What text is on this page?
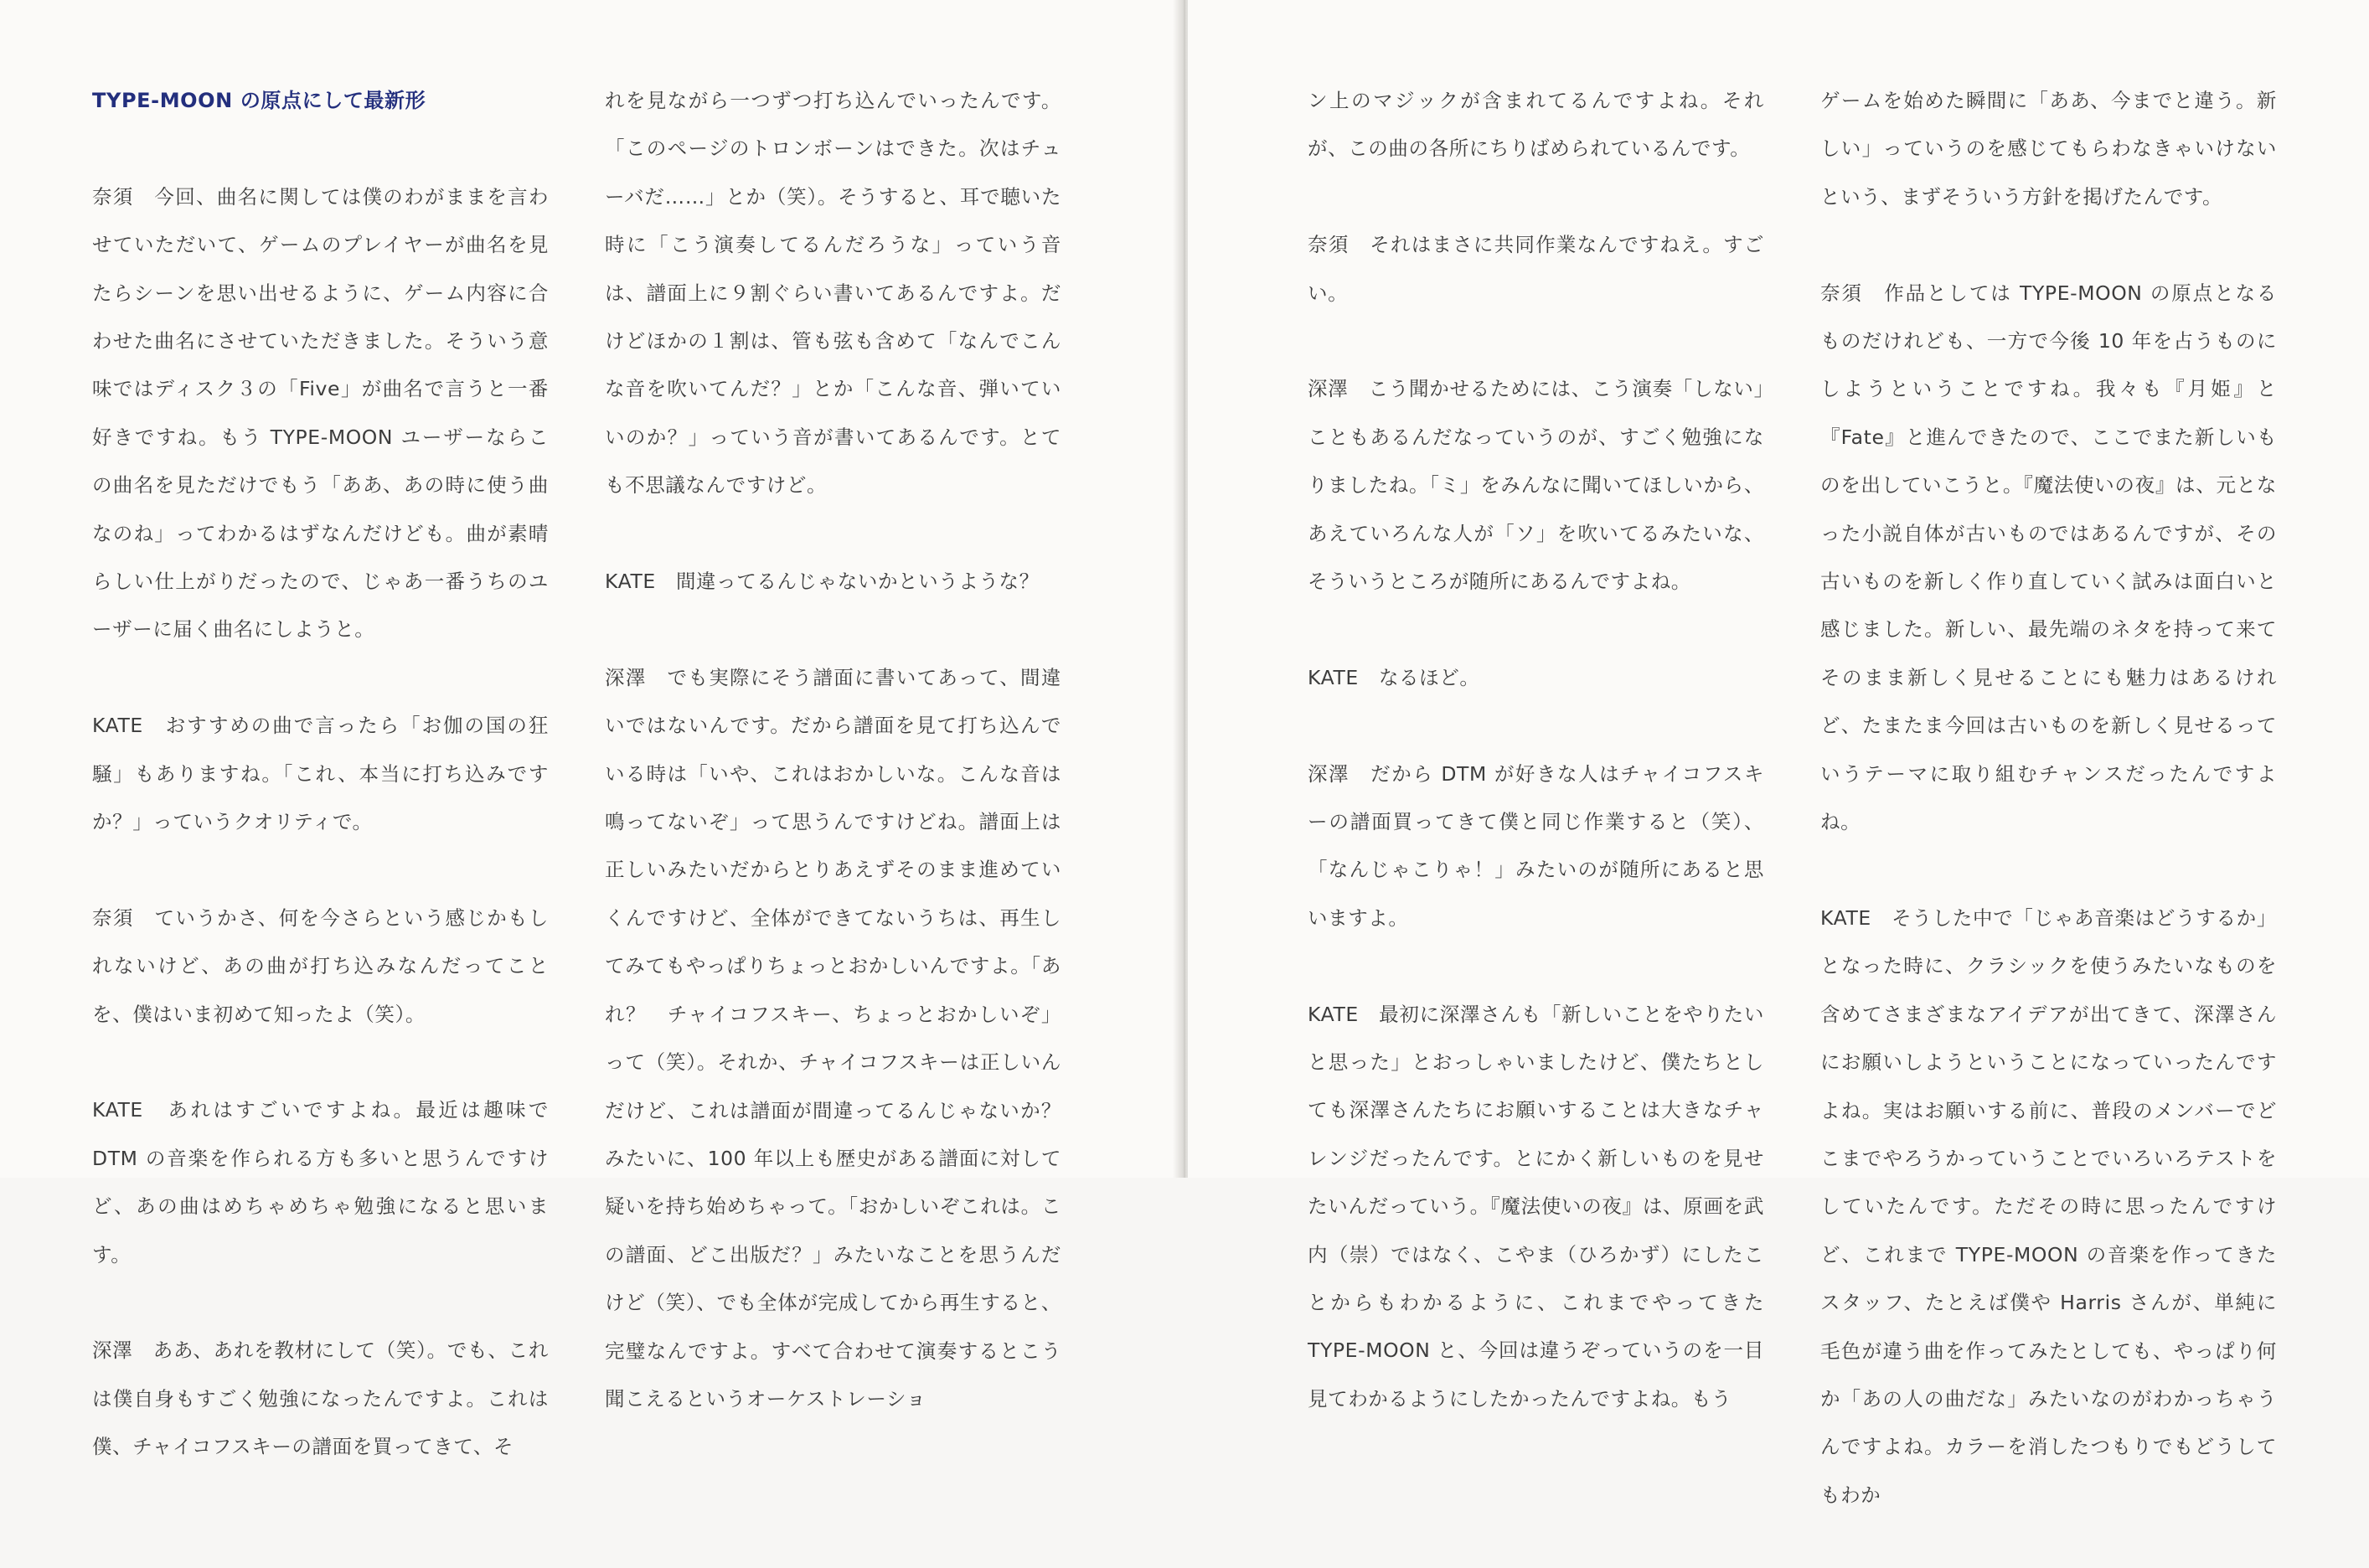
TYPE-MOON の原点にして最新形

奈須　今回、曲名に関しては僕のわがままを言わせていただいて、ゲームのプレイヤーが曲名を見たらシーンを思い出せるように、ゲーム内容に合わせた曲名にさせていただきました。そういう意味ではディスク３の「Five」が曲名で言うと一番好きですね。もう TYPE-MOON ユーザーならこの曲名を見ただけでもう「ああ、あの時に使う曲なのね」ってわかるはずなんだけども。曲が素晴らしい仕上がりだったので、じゃあ一番うちのユーザーに届く曲名にしようと。

KATE　おすすめの曲で言ったら「お伽の国の狂騒」もありますね。「これ、本当に打ち込みですか？」っていうクオリティで。

奈須　ていうかさ、何を今さらという感じかもしれないけど、あの曲が打ち込みなんだってことを、僕はいま初めて知ったよ（笑）。

KATE　あれはすごいですよね。最近は趣味で DTM の音楽を作られる方も多いと思うんですけど、あの曲はめちゃめちゃ勉強になると思います。

深澤　ああ、あれを教材にして（笑）。でも、これは僕自身もすごく勉強になったんですよ。これは僕、チャイコフスキーの譜面を買ってきて、そ

れを見ながら一つずつ打ち込んでいったんです。「このページのトロンボーンはできた。次はチューバだ……」とか（笑）。そうすると、耳で聴いた時に「こう演奏してるんだろうな」っていう音は、譜面上に９割ぐらい書いてあるんですよ。だけどほかの１割は、管も弦も含めて「なんでこんな音を吹いてんだ？」とか「こんな音、弾いていいのか？」っていう音が書いてあるんです。とても不思議なんですけど。

KATE　間違ってるんじゃないかというような？

深澤　でも実際にそう譜面に書いてあって、間違いではないんです。だから譜面を見て打ち込んでいる時は「いや、これはおかしいな。こんな音は鳴ってないぞ」って思うんですけどね。譜面上は正しいみたいだからとりあえずそのまま進めていくんですけど、全体ができてないうちは、再生してみてもやっぱりちょっとおかしいんですよ。「あれ？　チャイコフスキー、ちょっとおかしいぞ」って（笑）。それか、チャイコフスキーは正しいんだけど、これは譜面が間違ってるんじゃないか？　みたいに、100 年以上も歴史がある譜面に対して疑いを持ち始めちゃって。「おかしいぞこれは。この譜面、どこ出版だ？」みたいなことを思うんだけど（笑）、でも全体が完成してから再生すると、完璧なんですよ。すべて合わせて演奏するとこう聞こえるというオーケストレーショ

ン上のマジックが含まれてるんですよね。それが、この曲の各所にちりばめられているんです。

奈須　それはまさに共同作業なんですねえ。すごい。

深澤　こう聞かせるためには、こう演奏「しない」こともあるんだなっていうのが、すごく勉強になりましたね。「ミ」をみんなに聞いてほしいから、あえていろんな人が「ソ」を吹いてるみたいな、そういうところが随所にあるんですよね。

KATE　なるほど。

深澤　だから DTM が好きな人はチャイコフスキーの譜面買ってきて僕と同じ作業すると（笑）、「なんじゃこりゃ！」みたいのが随所にあると思いますよ。

KATE　最初に深澤さんも「新しいことをやりたいと思った」とおっしゃいましたけど、僕たちとしても深澤さんたちにお願いすることは大きなチャレンジだったんです。とにかく新しいものを見せたいんだっていう。『魔法使いの夜』は、原画を武内（崇）ではなく、こやま（ひろかず）にしたことからもわかるように、これまでやってきた TYPE-MOON と、今回は違うぞっていうのを一目見てわかるようにしたかったんですよね。もう

ゲームを始めた瞬間に「ああ、今までと違う。新しい」っていうのを感じてもらわなきゃいけないという、まずそういう方針を掲げたんです。

奈須　作品としては TYPE-MOON の原点となるものだけれども、一方で今後 10 年を占うものにしようということですね。我々も『月姫』と『Fate』と進んできたので、ここでまた新しいものを出していこうと。『魔法使いの夜』は、元となった小説自体が古いものではあるんですが、その古いものを新しく作り直していく試みは面白いと感じました。新しい、最先端のネタを持って来てそのまま新しく見せることにも魅力はあるけれど、たまたま今回は古いものを新しく見せるっていうテーマに取り組むチャンスだったんですよね。

KATE　そうした中で「じゃあ音楽はどうするか」となった時に、クラシックを使うみたいなものを含めてさまざまなアイデアが出てきて、深澤さんにお願いしようということになっていったんですよね。実はお願いする前に、普段のメンバーでどこまでやろうかっていうことでいろいろテストをしていたんです。ただその時に思ったんですけど、これまで TYPE-MOON の音楽を作ってきたスタッフ、たとえば僕や Harris さんが、単純に毛色が違う曲を作ってみたとしても、やっぱり何か「あの人の曲だな」みたいなのがわかっちゃうんですよね。カラーを消したつもりでもどうしてもわか
